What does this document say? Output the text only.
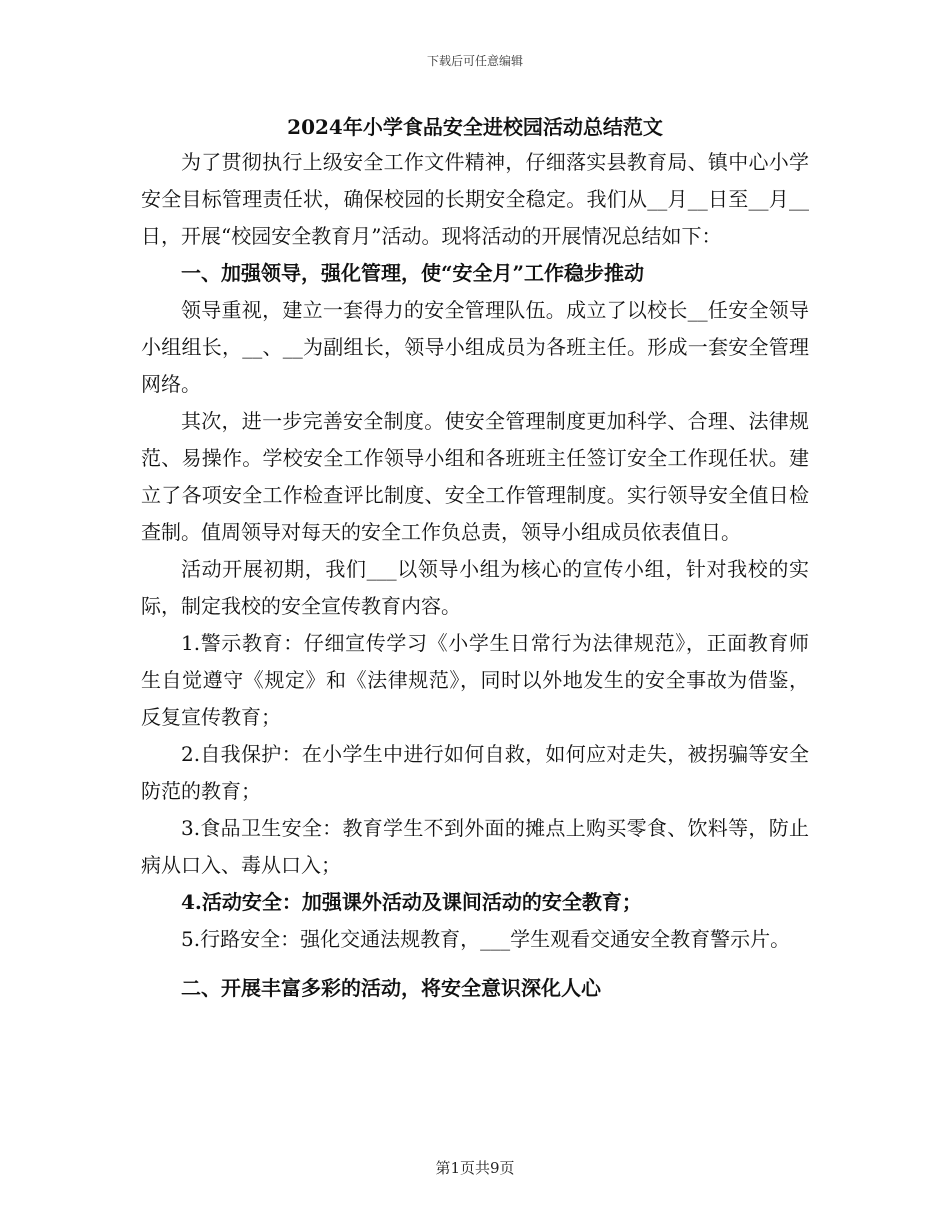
下载后可任意编辑
2024年小学食品安全进校园活动总结范文

为了贯彻执行上级安全工作文件精神，仔细落实县教育局、镇中心小学安全目标管理责任状，确保校园的长期安全稳定。我们从__月__日至__月__日，开展“校园安全教育月”活动。现将活动的开展情况总结如下：

一、加强领导，强化管理，使“安全月”工作稳步推动

领导重视，建立一套得力的安全管理队伍。成立了以校长__任安全领导小组组长，__、__为副组长，领导小组成员为各班主任。形成一套安全管理网络。

其次，进一步完善安全制度。使安全管理制度更加科学、合理、法律规范、易操作。学校安全工作领导小组和各班班主任签订安全工作现任状。建立了各项安全工作检查评比制度、安全工作管理制度。实行领导安全值日检查制。值周领导对每天的安全工作负总责，领导小组成员依表值日。

活动开展初期，我们___以领导小组为核心的宣传小组，针对我校的实际，制定我校的安全宣传教育内容。

1.警示教育：仔细宣传学习《小学生日常行为法律规范》，正面教育师生自觉遵守《规定》和《法律规范》，同时以外地发生的安全事故为借鉴，反复宣传教育；

2.自我保护：在小学生中进行如何自救，如何应对走失，被拐骗等安全防范的教育；

3.食品卫生安全：教育学生不到外面的摊点上购买零食、饮料等，防止病从口入、毒从口入；

4.活动安全：加强课外活动及课间活动的安全教育；

5.行路安全：强化交通法规教育，___学生观看交通安全教育警示片。

二、开展丰富多彩的活动，将安全意识深化人心

第1页共9页
